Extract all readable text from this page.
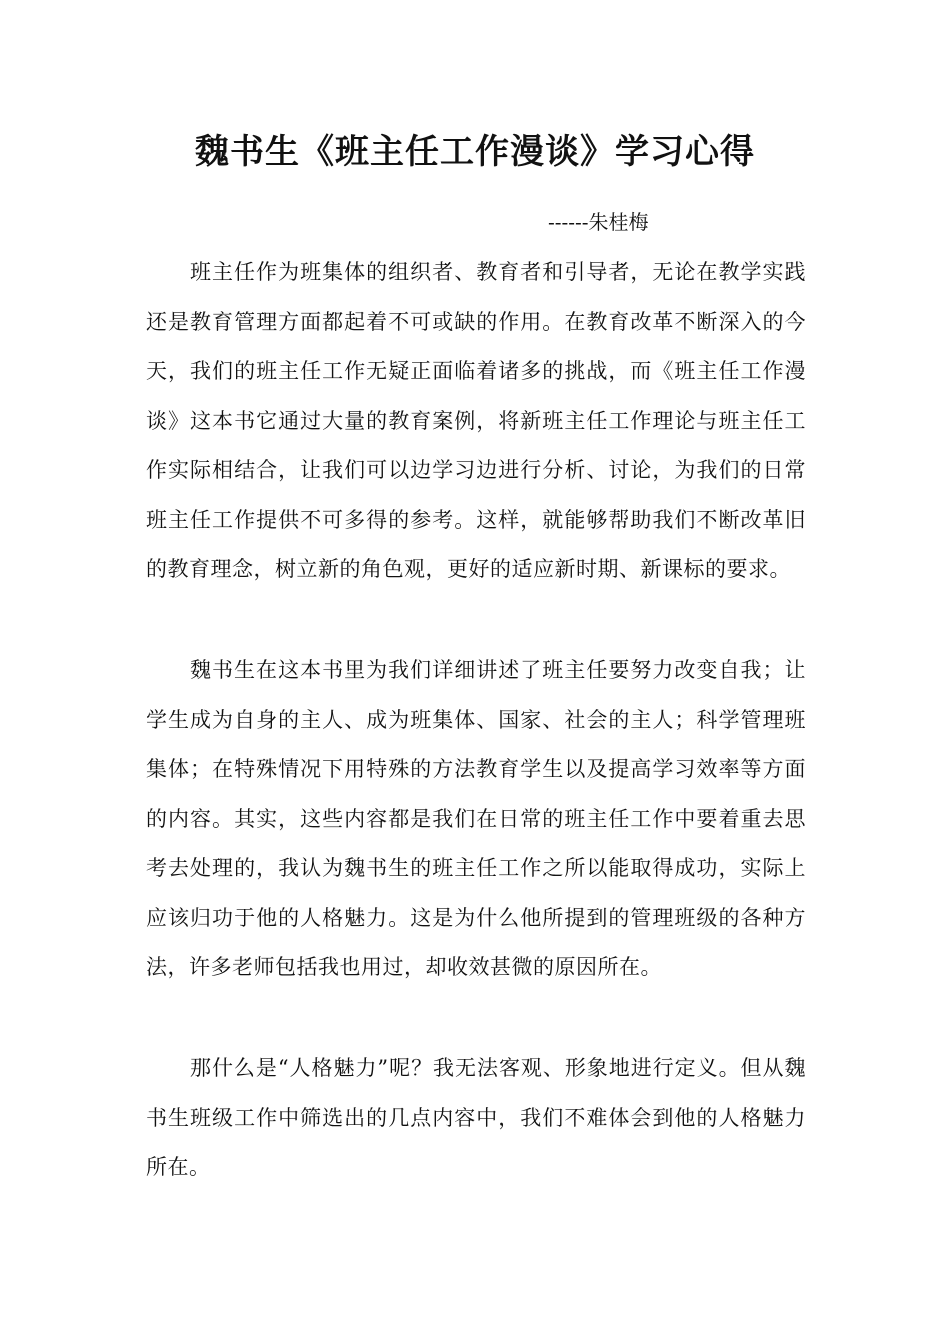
魏书生《班主任工作漫谈》学习心得
------朱桂梅

班主任作为班集体的组织者、教育者和引导者，无论在教学实践还是教育管理方面都起着不可或缺的作用。在教育改革不断深入的今天，我们的班主任工作无疑正面临着诸多的挑战，而《班主任工作漫谈》这本书它通过大量的教育案例，将新班主任工作理论与班主任工作实际相结合，让我们可以边学习边进行分析、讨论，为我们的日常班主任工作提供不可多得的参考。这样，就能够帮助我们不断改革旧的教育理念，树立新的角色观，更好的适应新时期、新课标的要求。

魏书生在这本书里为我们详细讲述了班主任要努力改变自我；让学生成为自身的主人、成为班集体、国家、社会的主人；科学管理班集体；在特殊情况下用特殊的方法教育学生以及提高学习效率等方面的内容。其实，这些内容都是我们在日常的班主任工作中要着重去思考去处理的，我认为魏书生的班主任工作之所以能取得成功，实际上应该归功于他的人格魅力。这是为什么他所提到的管理班级的各种方法，许多老师包括我也用过，却收效甚微的原因所在。

那什么是“人格魅力”呢？我无法客观、形象地进行定义。但从魏书生班级工作中筛选出的几点内容中，我们不难体会到他的人格魅力所在。
